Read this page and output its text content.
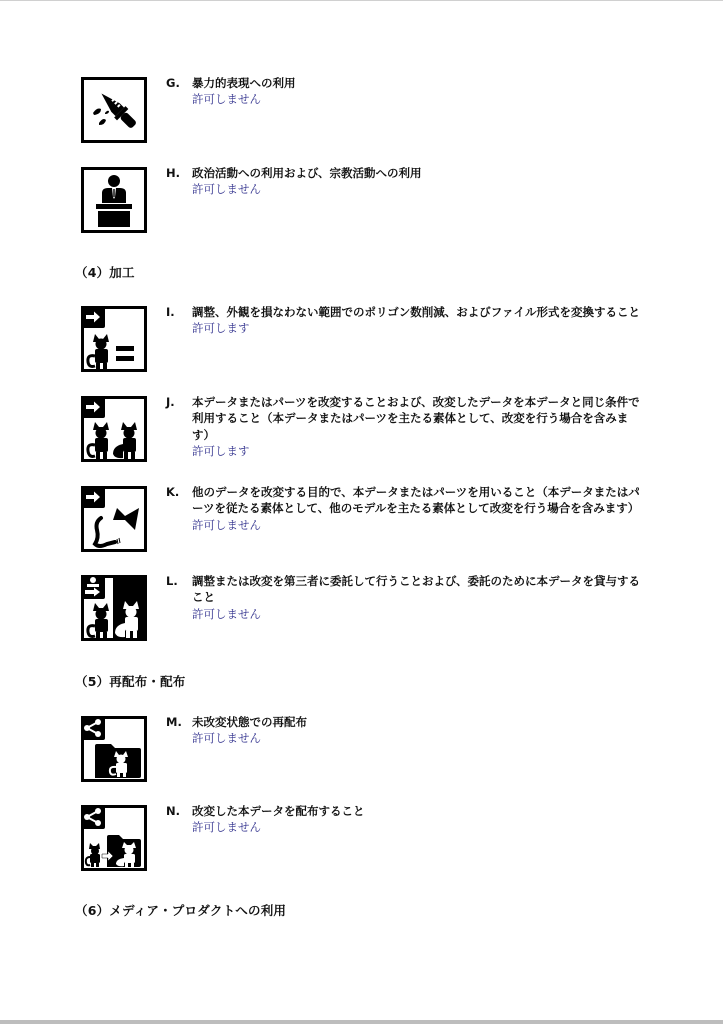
G. 暴力的表現への利用
許可しません
H. 政治活動への利用および、宗教活動への利用
許可しません
（4）加工
I. 調整、外観を損なわない範囲でのポリゴン数削減、およびファイル形式を変換すること
許可します
J. 本データまたはパーツを改変することおよび、改変したデータを本データと同じ条件で利用すること（本データまたはパーツを主たる素体として、改変を行う場合を含みます）
許可します
K. 他のデータを改変する目的で、本データまたはパーツを用いること（本データまたはパーツを従たる素体として、他のモデルを主たる素体として改変を行う場合を含みます）
許可しません
L. 調整または改変を第三者に委託して行うことおよび、委託のために本データを貸与すること
許可しません
（5）再配布・配布
M. 未改変状態での再配布
許可しません
N. 改変した本データを配布すること
許可しません
（6）メディア・プロダクトへの利用
